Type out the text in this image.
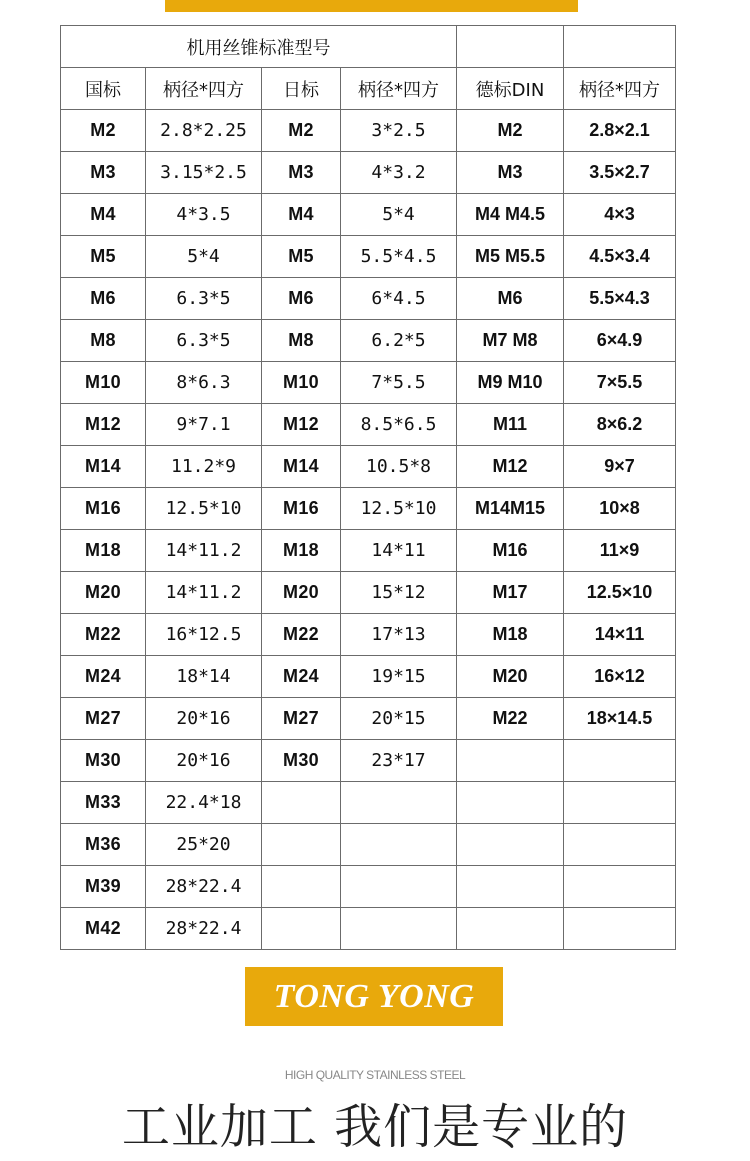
机用丝锥标准型号					
国标	柄径*四方	日标	柄径*四方	德标DIN	柄径*四方
M2	2.8*2.25	M2	3*2.5	M2	2.8×2.1
M3	3.15*2.5	M3	4*3.2	M3	3.5×2.7
M4	4*3.5	M4	5*4	M4 M4.5	4×3
M5	5*4	M5	5.5*4.5	M5 M5.5	4.5×3.4
M6	6.3*5	M6	6*4.5	M6	5.5×4.3
M8	6.3*5	M8	6.2*5	M7 M8	6×4.9
M10	8*6.3	M10	7*5.5	M9 M10	7×5.5
M12	9*7.1	M12	8.5*6.5	M11	8×6.2
M14	11.2*9	M14	10.5*8	M12	9×7
M16	12.5*10	M16	12.5*10	M14M15	10×8
M18	14*11.2	M18	14*11	M16	11×9
M20	14*11.2	M20	15*12	M17	12.5×10
M22	16*12.5	M22	17*13	M18	14×11
M24	18*14	M24	19*15	M20	16×12
M27	20*16	M27	20*15	M22	18×14.5
M30	20*16	M30	23*17		
M33	22.4*18				
M36	25*20				
M39	28*22.4				
M42	28*22.4				
TONG YONG
HIGH QUALITY STAINLESS STEEL
工业加工 我们是专业的
